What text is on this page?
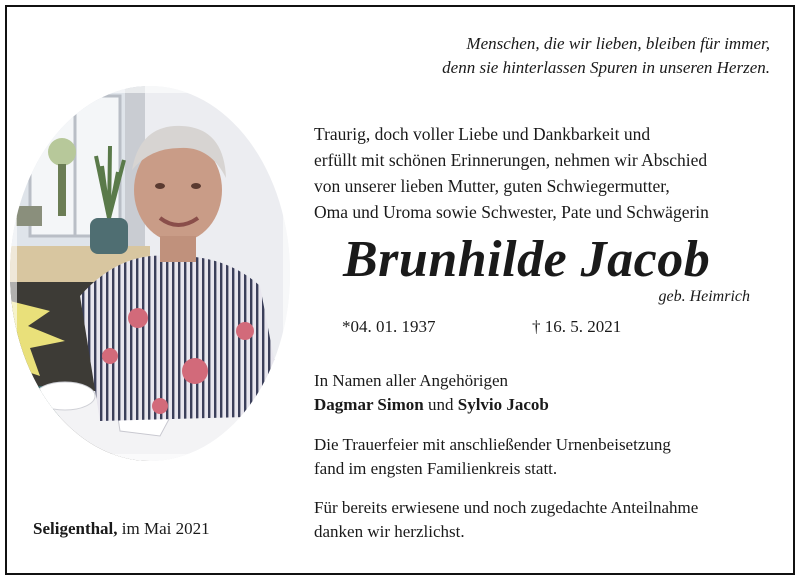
Menschen, die wir lieben, bleiben für immer,
denn sie hinterlassen Spuren in unseren Herzen.
Traurig, doch voller Liebe und Dankbarkeit und
erfüllt mit schönen Erinnerungen, nehmen wir Abschied
von unserer lieben Mutter, guten Schwiegermutter,
Oma und Uroma sowie Schwester, Pate und Schwägerin
Brunhilde Jacob
geb. Heimrich
*04. 01. 1937	† 16. 5. 2021
In Namen aller Angehörigen
Dagmar Simon und Sylvio Jacob
Die Trauerfeier mit anschließender Urnenbeisetzung
fand im engsten Familienkreis statt.
Für bereits erwiesene und noch zugedachte Anteilnahme
danken wir herzlichst.
Seligenthal, im Mai 2021
